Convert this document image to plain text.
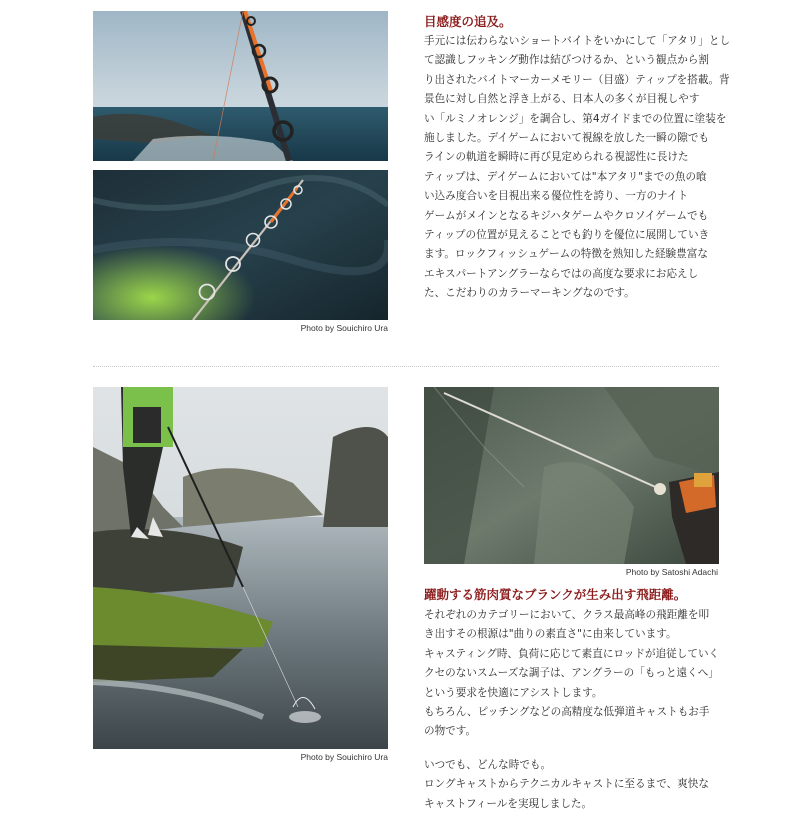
Photo by Souichiro Ura
目感度の追及。

手元には伝わらないショートバイトをいかにして「アタリ」とし

て認識しフッキング動作は結びつけるか、という観点から割

り出されたバイトマーカーメモリー（目盛）ティップを搭載。背

景色に対し自然と浮き上がる、日本人の多くが目視しやす

い「ルミノオレンジ」を調合し、第4ガイドまでの位置に塗装を

施しました。デイゲームにおいて視線を放した一瞬の隙でも

ラインの軌道を瞬時に再び見定められる視認性に長けた

ティップは、デイゲームにおいては"本アタリ"までの魚の喰

い込み度合いを目視出来る優位性を誇り、一方のナイト

ゲームがメインとなるキジハタゲームやクロソイゲームでも

ティップの位置が見えることでも釣りを優位に展開していき

ます。ロックフィッシュゲームの特徴を熟知した経験豊富な

エキスパートアングラーならではの高度な要求にお応えし

た、こだわりのカラーマーキングなのです。

Photo by Souichiro Ura
Photo by Satoshi Adachi
躍動する筋肉質なブランクが生み出す飛距離。

それぞれのカテゴリーにおいて、クラス最高峰の飛距離を叩

き出すその根源は"曲りの素直さ"に由来しています。

キャスティング時、負荷に応じて素直にロッドが追従していく

クセのないスムーズな調子は、アングラーの「もっと遠くへ」

という要求を快適にアシストします。

もちろん、ピッチングなどの高精度な低弾道キャストもお手

の物です。

いつでも、どんな時でも。

ロングキャストからテクニカルキャストに至るまで、爽快な

キャストフィールを実現しました。
